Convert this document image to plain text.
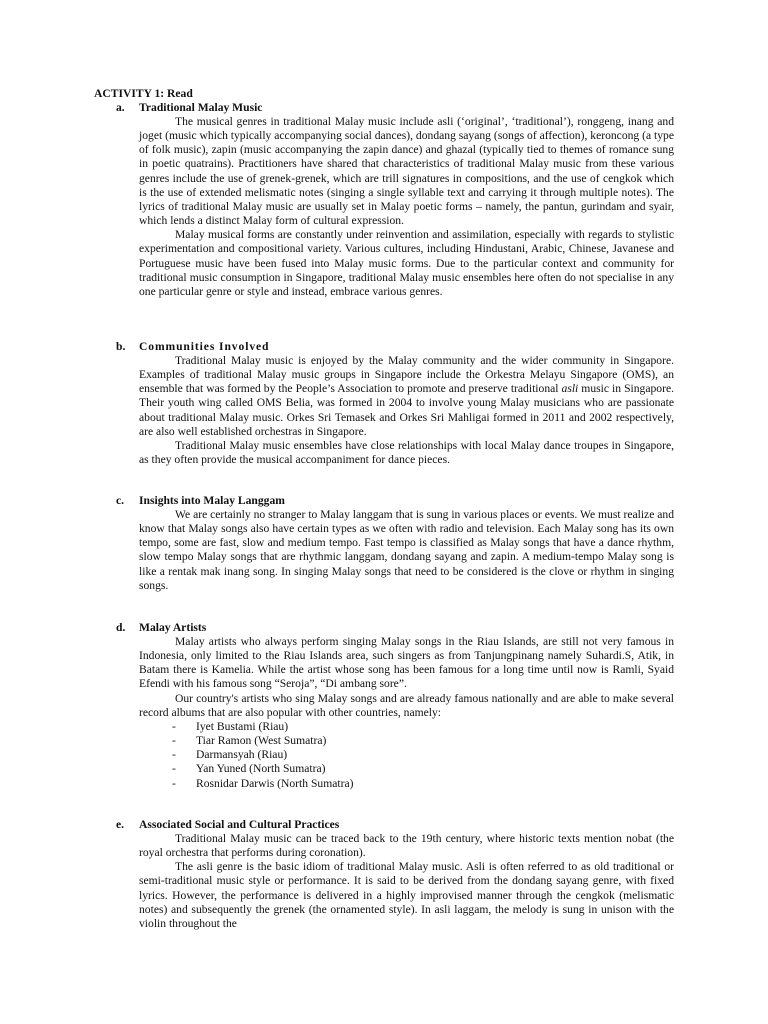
ACTIVITY 1: Read
a. Traditional Malay Music

The musical genres in traditional Malay music include asli (‘original’, ‘traditional’), ronggeng, inang and joget (music which typically accompanying social dances), dondang sayang (songs of affection), keroncong (a type of folk music), zapin (music accompanying the zapin dance) and ghazal (typically tied to themes of romance sung in poetic quatrains). Practitioners have shared that characteristics of traditional Malay music from these various genres include the use of grenek-grenek, which are trill signatures in compositions, and the use of cengkok which is the use of extended melismatic notes (singing a single syllable text and carrying it through multiple notes). The lyrics of traditional Malay music are usually set in Malay poetic forms – namely, the pantun, gurindam and syair, which lends a distinct Malay form of cultural expression.

Malay musical forms are constantly under reinvention and assimilation, especially with regards to stylistic experimentation and compositional variety. Various cultures, including Hindustani, Arabic, Chinese, Javanese and Portuguese music have been fused into Malay music forms. Due to the particular context and community for traditional music consumption in Singapore, traditional Malay music ensembles here often do not specialise in any one particular genre or style and instead, embrace various genres.

b. Communities Involved

Traditional Malay music is enjoyed by the Malay community and the wider community in Singapore. Examples of traditional Malay music groups in Singapore include the Orkestra Melayu Singapore (OMS), an ensemble that was formed by the People’s Association to promote and preserve traditional asli music in Singapore. Their youth wing called OMS Belia, was formed in 2004 to involve young Malay musicians who are passionate about traditional Malay music. Orkes Sri Temasek and Orkes Sri Mahligai formed in 2011 and 2002 respectively, are also well established orchestras in Singapore.

Traditional Malay music ensembles have close relationships with local Malay dance troupes in Singapore, as they often provide the musical accompaniment for dance pieces.

c. Insights into Malay Langgam

We are certainly no stranger to Malay langgam that is sung in various places or events. We must realize and know that Malay songs also have certain types as we often with radio and television. Each Malay song has its own tempo, some are fast, slow and medium tempo. Fast tempo is classified as Malay songs that have a dance rhythm, slow tempo Malay songs that are rhythmic langgam, dondang sayang and zapin. A medium-tempo Malay song is like a rentak mak inang song. In singing Malay songs that need to be considered is the clove or rhythm in singing songs.

d. Malay Artists

Malay artists who always perform singing Malay songs in the Riau Islands, are still not very famous in Indonesia, only limited to the Riau Islands area, such singers as from Tanjungpinang namely Suhardi.S, Atik, in Batam there is Kamelia. While the artist whose song has been famous for a long time until now is Ramli, Syaid Efendi with his famous song “Seroja”, “Di ambang sore”.

Our country's artists who sing Malay songs and are already famous nationally and are able to make several record albums that are also popular with other countries, namely:

- Iyet Bustami (Riau)
- Tiar Ramon (West Sumatra)
- Darmansyah (Riau)
- Yan Yuned (North Sumatra)
- Rosnidar Darwis (North Sumatra)
e. Associated Social and Cultural Practices

Traditional Malay music can be traced back to the 19th century, where historic texts mention nobat (the royal orchestra that performs during coronation).

The asli genre is the basic idiom of traditional Malay music. Asli is often referred to as old traditional or semi-traditional music style or performance. It is said to be derived from the dondang sayang genre, with fixed lyrics. However, the performance is delivered in a highly improvised manner through the cengkok (melismatic notes) and subsequently the grenek (the ornamented style). In asli laggam, the melody is sung in unison with the violin throughout the
